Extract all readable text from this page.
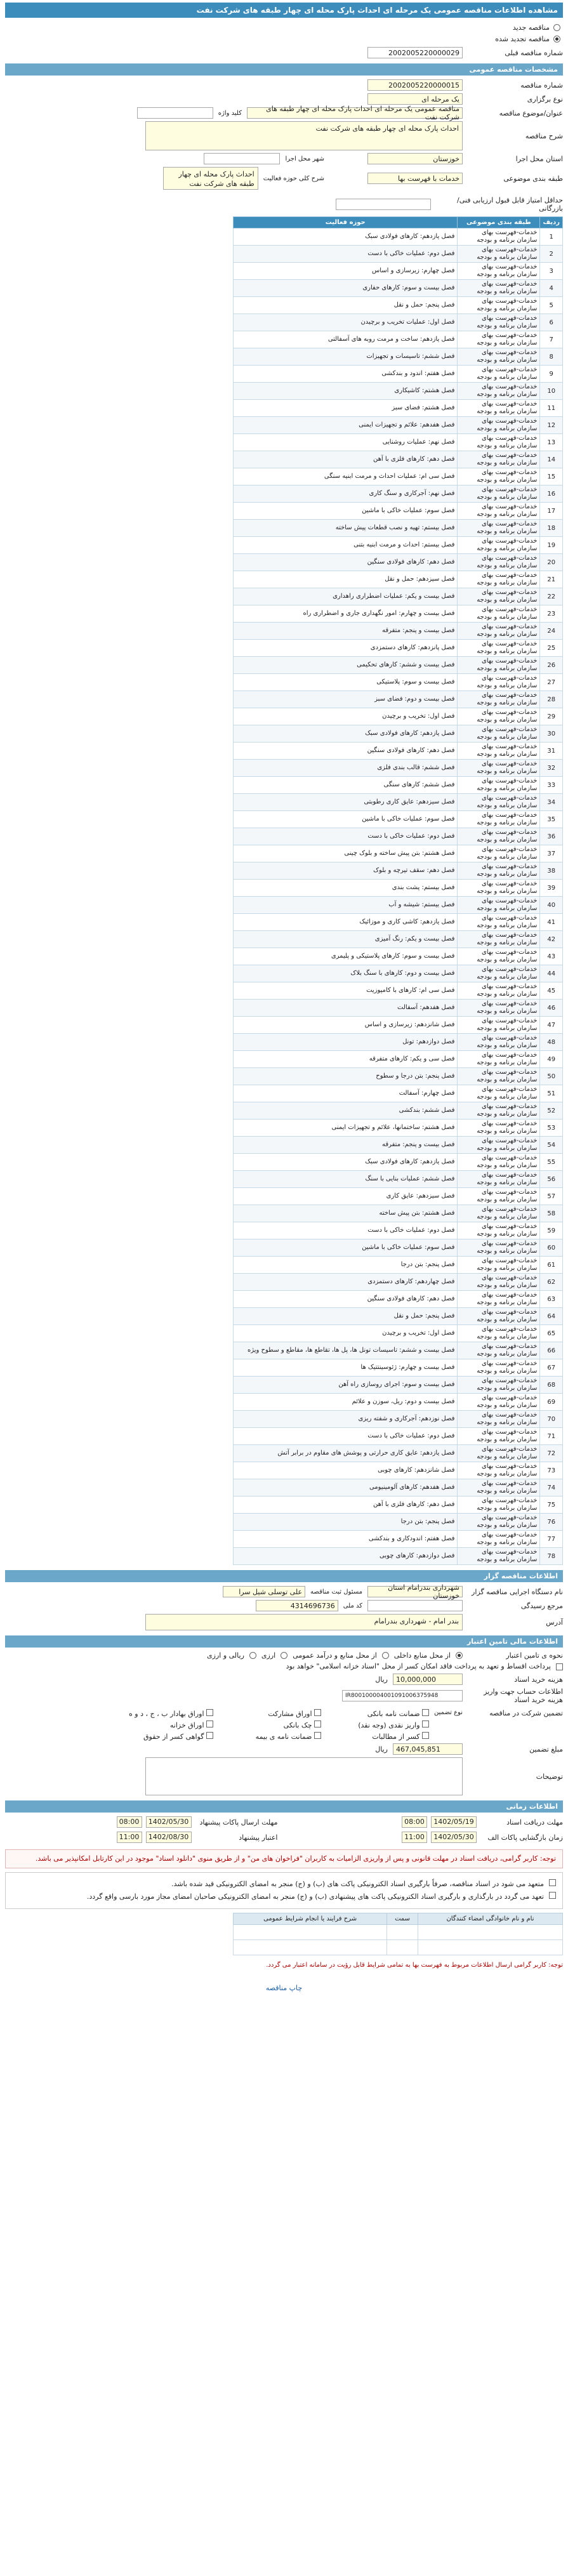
مشاهده اطلاعات مناقصه عمومی یک مرحله ای احداث پارک محله ای چهار طبقه های شرکت نفت
مناقصه جدید
مناقصه تجدید شده
شماره مناقصه قبلی
2002005220000029
مشخصات مناقصه عمومی
شماره مناقصه
2002005220000015
نوع برگزاری
یک مرحله ای
عنوان/موضوع مناقصه
مناقصه عمومی یک مرحله ای احداث پارک محله ای چهار طبقه های شرکت نفت
کلید واژه
شرح مناقصه
احداث پارک محله ای چهار طبقه های شرکت نفت
استان محل اجرا
خوزستان
شهر محل اجرا
طبقه بندی موضوعی
خدمات با فهرست بها
شرح کلی حوزه فعالیت
احداث پارک محله ای چهار طبقه های شرکت نفت
حداقل امتیاز قابل قبول ارزیابی فنی/بازرگانی
ردیف	طبقه بندی موضوعی	حوزه فعالیت
1	خدمات-فهرست بهای سازمان برنامه و بودجه	فصل یازدهم: کارهای فولادی سبک
2	خدمات-فهرست بهای سازمان برنامه و بودجه	فصل دوم: عملیات خاکی با دست
3	خدمات-فهرست بهای سازمان برنامه و بودجه	فصل چهارم: زیرسازی و اساس
4	خدمات-فهرست بهای سازمان برنامه و بودجه	فصل بیست و سوم: کارهای حفاری
5	خدمات-فهرست بهای سازمان برنامه و بودجه	فصل پنجم: حمل و نقل
6	خدمات-فهرست بهای سازمان برنامه و بودجه	فصل اول: عملیات تخریب و برچیدن
7	خدمات-فهرست بهای سازمان برنامه و بودجه	فصل یازدهم: ساخت و مرمت روبه های آسفالتی
8	خدمات-فهرست بهای سازمان برنامه و بودجه	فصل ششم: تاسیسات و تجهیزات
9	خدمات-فهرست بهای سازمان برنامه و بودجه	فصل هفتم: اندود و بندکشی
10	خدمات-فهرست بهای سازمان برنامه و بودجه	فصل هشتم: کاشیکاری
11	خدمات-فهرست بهای سازمان برنامه و بودجه	فصل هشتم: فضای سبز
12	خدمات-فهرست بهای سازمان برنامه و بودجه	فصل هفدهم: علائم و تجهیزات ایمنی
13	خدمات-فهرست بهای سازمان برنامه و بودجه	فصل نهم: عملیات روشنایی
14	خدمات-فهرست بهای سازمان برنامه و بودجه	فصل دهم: کارهای فلزی با آهن
15	خدمات-فهرست بهای سازمان برنامه و بودجه	فصل سی ام: عملیات احداث و مرمت ابنیه سنگی
16	خدمات-فهرست بهای سازمان برنامه و بودجه	فصل نهم: آجرکاری و سنگ کاری
17	خدمات-فهرست بهای سازمان برنامه و بودجه	فصل سوم: عملیات خاکی با ماشین
18	خدمات-فهرست بهای سازمان برنامه و بودجه	فصل بیستم: تهیه و نصب قطعات پیش ساخته
19	خدمات-فهرست بهای سازمان برنامه و بودجه	فصل بیستم: احداث و مرمت ابنیه بتنی
20	خدمات-فهرست بهای سازمان برنامه و بودجه	فصل دهم: کارهای فولادی سنگین
21	خدمات-فهرست بهای سازمان برنامه و بودجه	فصل سیزدهم: حمل و نقل
22	خدمات-فهرست بهای سازمان برنامه و بودجه	فصل بیست و یکم: عملیات اضطراری راهداری
23	خدمات-فهرست بهای سازمان برنامه و بودجه	فصل بیست و چهارم: امور نگهداری جاری و اضطراری راه
24	خدمات-فهرست بهای سازمان برنامه و بودجه	فصل بیست و پنجم: متفرقه
25	خدمات-فهرست بهای سازمان برنامه و بودجه	فصل پانزدهم: کارهای دستمزدی
26	خدمات-فهرست بهای سازمان برنامه و بودجه	فصل بیست و ششم: کارهای تحکیمی
27	خدمات-فهرست بهای سازمان برنامه و بودجه	فصل بیست و سوم: پلاستیکی
28	خدمات-فهرست بهای سازمان برنامه و بودجه	فصل بیست و دوم: فضای سبز
29	خدمات-فهرست بهای سازمان برنامه و بودجه	فصل اول: تخریب و برچیدن
30	خدمات-فهرست بهای سازمان برنامه و بودجه	فصل یازدهم: کارهای فولادی سبک
31	خدمات-فهرست بهای سازمان برنامه و بودجه	فصل دهم: کارهای فولادی سنگین
32	خدمات-فهرست بهای سازمان برنامه و بودجه	فصل ششم: قالب بندی فلزی
33	خدمات-فهرست بهای سازمان برنامه و بودجه	فصل ششم: کارهای سنگی
34	خدمات-فهرست بهای سازمان برنامه و بودجه	فصل سیزدهم: عایق کاری رطوبتی
35	خدمات-فهرست بهای سازمان برنامه و بودجه	فصل سوم: عملیات خاکی با ماشین
36	خدمات-فهرست بهای سازمان برنامه و بودجه	فصل دوم: عملیات خاکی با دست
37	خدمات-فهرست بهای سازمان برنامه و بودجه	فصل هشتم: بتن پیش ساخته و بلوک چینی
38	خدمات-فهرست بهای سازمان برنامه و بودجه	فصل دهم: سقف تیرچه و بلوک
39	خدمات-فهرست بهای سازمان برنامه و بودجه	فصل بیستم: پشت بندی
40	خدمات-فهرست بهای سازمان برنامه و بودجه	فصل بیستم: شیشه و آب
41	خدمات-فهرست بهای سازمان برنامه و بودجه	فصل یازدهم: کاشی کاری و موزائیک
42	خدمات-فهرست بهای سازمان برنامه و بودجه	فصل بیست و یکم: رنگ آمیزی
43	خدمات-فهرست بهای سازمان برنامه و بودجه	فصل بیست و سوم: کارهای پلاستیکی و پلیمری
44	خدمات-فهرست بهای سازمان برنامه و بودجه	فصل بیست و دوم: کارهای با سنگ بلاک
45	خدمات-فهرست بهای سازمان برنامه و بودجه	فصل سی ام: کارهای با کامپوزیت
46	خدمات-فهرست بهای سازمان برنامه و بودجه	فصل هفدهم: آسفالت
47	خدمات-فهرست بهای سازمان برنامه و بودجه	فصل شانزدهم: زیرسازی و اساس
48	خدمات-فهرست بهای سازمان برنامه و بودجه	فصل دوازدهم: تونل
49	خدمات-فهرست بهای سازمان برنامه و بودجه	فصل سی و یکم: کارهای متفرقه
50	خدمات-فهرست بهای سازمان برنامه و بودجه	فصل پنجم: بتن درجا و سطوح
51	خدمات-فهرست بهای سازمان برنامه و بودجه	فصل چهارم: آسفالت
52	خدمات-فهرست بهای سازمان برنامه و بودجه	فصل ششم: بندکشی
53	خدمات-فهرست بهای سازمان برنامه و بودجه	فصل هشتم: ساختمانها، علائم و تجهیزات ایمنی
54	خدمات-فهرست بهای سازمان برنامه و بودجه	فصل بیست و پنجم: متفرقه
55	خدمات-فهرست بهای سازمان برنامه و بودجه	فصل یازدهم: کارهای فولادی سبک
56	خدمات-فهرست بهای سازمان برنامه و بودجه	فصل ششم: عملیات بنایی با سنگ
57	خدمات-فهرست بهای سازمان برنامه و بودجه	فصل سیزدهم: عایق کاری
58	خدمات-فهرست بهای سازمان برنامه و بودجه	فصل هشتم: بتن پیش ساخته
59	خدمات-فهرست بهای سازمان برنامه و بودجه	فصل دوم: عملیات خاکی با دست
60	خدمات-فهرست بهای سازمان برنامه و بودجه	فصل سوم: عملیات خاکی با ماشین
61	خدمات-فهرست بهای سازمان برنامه و بودجه	فصل پنجم: بتن درجا
62	خدمات-فهرست بهای سازمان برنامه و بودجه	فصل چهاردهم: کارهای دستمزدی
63	خدمات-فهرست بهای سازمان برنامه و بودجه	فصل دهم: کارهای فولادی سنگین
64	خدمات-فهرست بهای سازمان برنامه و بودجه	فصل پنجم: حمل و نقل
65	خدمات-فهرست بهای سازمان برنامه و بودجه	فصل اول: تخریب و برچیدن
66	خدمات-فهرست بهای سازمان برنامه و بودجه	فصل بیست و ششم: تاسیسات تونل ها، پل ها، تقاطع ها، مقاطع و سطوح ویژه
67	خدمات-فهرست بهای سازمان برنامه و بودجه	فصل بیست و چهارم: ژئوسینتتیک ها
68	خدمات-فهرست بهای سازمان برنامه و بودجه	فصل بیست و سوم: اجرای روسازی راه آهن
69	خدمات-فهرست بهای سازمان برنامه و بودجه	فصل بیست و دوم: ریل، سوزن و علائم
70	خدمات-فهرست بهای سازمان برنامه و بودجه	فصل نوزدهم: آجرکاری و شفته ریزی
71	خدمات-فهرست بهای سازمان برنامه و بودجه	فصل دوم: عملیات خاکی با دست
72	خدمات-فهرست بهای سازمان برنامه و بودجه	فصل یازدهم: عایق کاری حرارتی و پوشش های مقاوم در برابر آتش
73	خدمات-فهرست بهای سازمان برنامه و بودجه	فصل شانزدهم: کارهای چوبی
74	خدمات-فهرست بهای سازمان برنامه و بودجه	فصل هفدهم: کارهای آلومینیومی
75	خدمات-فهرست بهای سازمان برنامه و بودجه	فصل دهم: کارهای فلزی با آهن
76	خدمات-فهرست بهای سازمان برنامه و بودجه	فصل پنجم: بتن درجا
77	خدمات-فهرست بهای سازمان برنامه و بودجه	فصل هفتم: اندودکاری و بندکشی
78	خدمات-فهرست بهای سازمان برنامه و بودجه	فصل دوازدهم: کارهای چوبی
اطلاعات مناقصه گزار
نام دستگاه اجرایی مناقصه گزار
شهرداری بندرامام استان خوزستان
مسئول ثبت مناقصه
علی توسلی شیل سرا
مرجع رسیدگی
کد ملی
4314696736
آدرس
بندر امام - شهرداری بندرامام
اطلاعات مالی تامین اعتبار
نحوه ی تامین اعتبار
از محل منابع داخلی
از محل منابع و درآمد عمومی
ارزی
ریالی و ارزی
پرداخت اقساط و تعهد به پرداخت فاقد امکان کسر از محل "اسناد خزانه اسلامی" خواهد بود
هزینه خرید اسناد
10,000,000
ریال
اطلاعات حساب جهت واریز هزینه خرید اسناد
IR800100004001091006375948
تضمین شرکت در مناقصه
نوع تضمین
ضمانت نامه بانکی
اوراق مشارکت
اوراق بهادار ب ، ج ، د و ه
واریز نقدی (وجه نقد)
چک بانکی
اوراق خزانه
کسر از مطالبات
ضمانت نامه ی بیمه
گواهی کسر از حقوق
مبلغ تضمین
467,045,851
ریال
توضیحات
اطلاعات زمانی
مهلت دریافت اسناد
1402/05/19
08:00
زمان بازگشایی پاکات الف
1402/05/30
11:00
مهلت ارسال پاکات پیشنهاد
1402/05/30
08:00
اعتبار پیشنهاد
1402/08/30
11:00
توجه: کاربر گرامی، دریافت اسناد در مهلت قانونی و پس از واریزی الزامیات به کاربران "فراخوان های من" و از طریق منوی "دانلود اسناد" موجود در این کارتابل امکانپذیر می باشد.
متعهد می شود در اسناد مناقصه، صرفاً بارگیری اسناد الکترونیکی پاکت های (ب) و (ج) منجر به امضای الکترونیکی قید شده باشد.
تعهد می گردد در بارگذاری و بارگیری اسناد الکترونیکی پاکت های پیشنهادی (ب) و (ج) منجر به امضای الکترونیکی صاحبان امضای مجاز مورد بارسی واقع گردد.
نام و نام خانوادگی امضاء کنندگان	سمت	شرح فرایند یا انجام شرایط عمومی

توجه: کاربر گرامی ارسال اطلاعات مربوط به فهرست بها به تمامی شرایط قابل رؤیت در سامانه اعتبار می گردد.
چاپ مناقصه
